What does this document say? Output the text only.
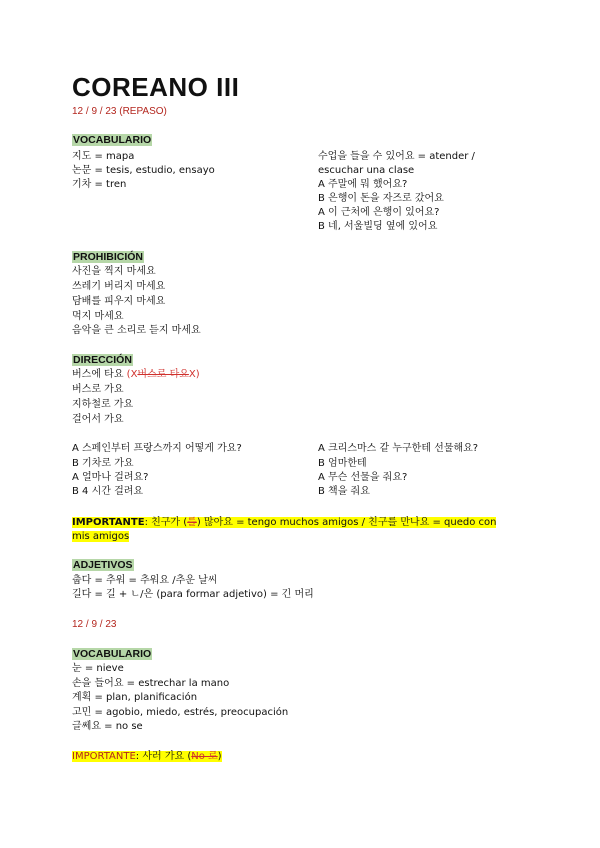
COREANO III
12 / 9 / 23 (REPASO)
VOCABULARIO
지도 = mapa
논문 = tesis, estudio, ensayo
기차 = tren
수업을 들을 수 있어요 = atender /
escuchar una clase
A 주말에 뭐 했어요?
B 은행이 돈을 자즈로 갔어요
A 이 근처에 은행이 있어요?
B 네, 서울빌딩 옆에 있어요
PROHIBICIÓN
사진을 찍지 마세요
쓰레기 버리지 마세요
담배를 피우지 마세요
먹지 마세요
음악을 큰 소리로 듣지 마세요
DIRECCIÓN
버스에 타요 (X버스로 타요X)
버스로 가요
지하철로 가요
걸어서 가요
A 스페인부터 프랑스까지 어떻게 가요?
B 기차로 가요
A 얼마나 걸려요?
B 4 시간 걸려요
A 크리스마스 같 누구한테 선물해요?
B 엄마한테
A 무슨 선물을 줘요?
B 책을 줘요
IMPORTANTE: 친구가 (를) 많아요 = tengo muchos amigos / 친구를 만나요 = quedo con
mis amigos
ADJETIVOS
춥다 = 추워 = 추워요 /추운 날씨
길다 = 길 + ㄴ/은 (para formar adjetivo) = 긴 머리
12 / 9 / 23
VOCABULARIO
눈 = nieve
손을 들어요 = estrechar la mano
계획 = plan, planificación
고민 = agobio, miedo, estrés, preocupación
글쎄요 = no se
IMPORTANTE: 사러 가요 (No 로)
